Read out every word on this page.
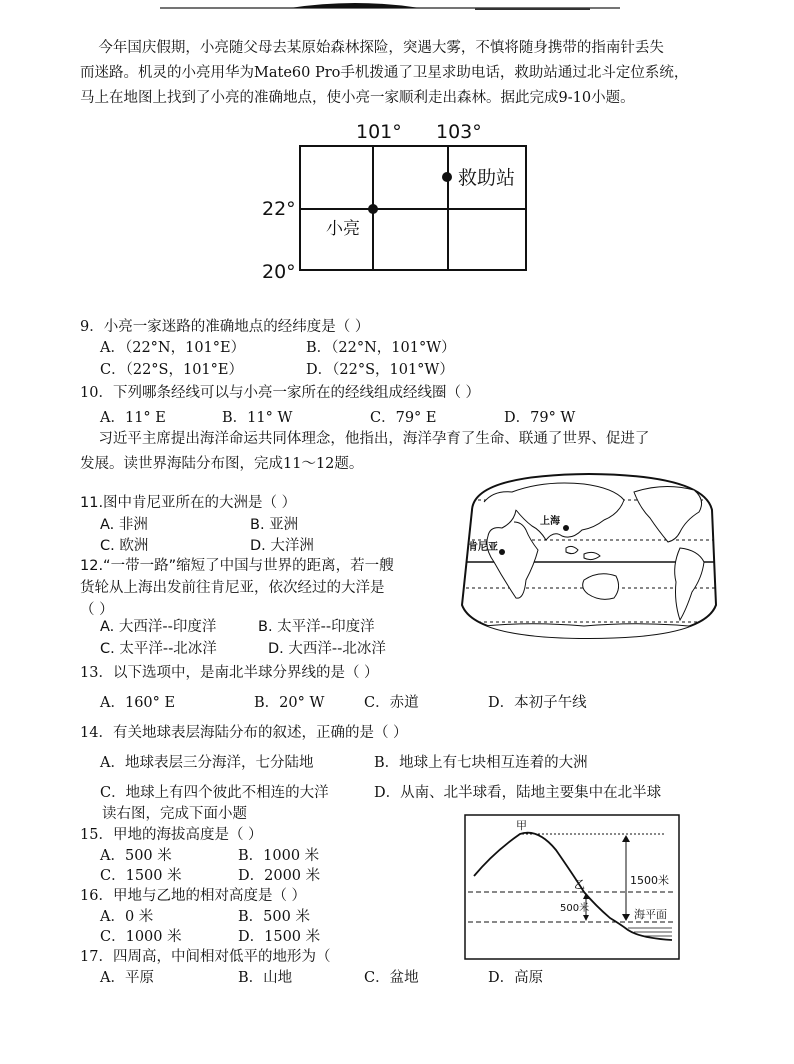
今年国庆假期，小亮随父母去某原始森林探险，突遇大雾，不慎将随身携带的指南针丢失
而迷路。机灵的小亮用华为Mate60 Pro手机拨通了卫星求助电话，救助站通过北斗定位系统，
马上在地图上找到了小亮的准确地点，使小亮一家顺利走出森林。据此完成9-10小题。
101° 103°
22°
20°
救助站
小亮
9．小亮一家迷路的准确地点的经纬度是（ ）
A．（22°N，101°E）	B．（22°N，101°W）
C．（22°S，101°E）	D．（22°S，101°W）
10．下列哪条经线可以与小亮一家所在的经线组成经线圈（ ）
A．11° E	B．11° W	C．79° E	D．79° W
习近平主席提出海洋命运共同体理念，他指出，海洋孕育了生命、联通了世界、促进了
发展。读世界海陆分布图，完成11～12题。
上海
肯尼亚
11.图中肯尼亚所在的大洲是（ ）
A. 非洲	B. 亚洲
C. 欧洲	D. 大洋洲
12.“一带一路”缩短了中国与世界的距离，若一艘
货轮从上海出发前往肯尼亚，依次经过的大洋是
（ ）
A. 大西洋--印度洋	B. 太平洋--印度洋
C. 太平洋--北冰洋	D. 大西洋--北冰洋
13．以下选项中，是南北半球分界线的是（ ）
A．160° E	B．20° W	C．赤道	D．本初子午线
14．有关地球表层海陆分布的叙述，正确的是（ ）
A．地球表层三分海洋，七分陆地	B．地球上有七块相互连着的大洲
C．地球上有四个彼此不相连的大洋	D．从南、北半球看，陆地主要集中在北半球
读右图，完成下面小题
15．甲地的海拔高度是（ ）
A．500 米	B．1000 米
C．1500 米	D．2000 米
16．甲地与乙地的相对高度是（ ）
A．0 米	B．500 米
C．1000 米	D．1500 米
17．四周高，中间相对低平的地形为（
A．平原	B．山地	C．盆地	D．高原
甲
乙	1500米
500米	海平面
